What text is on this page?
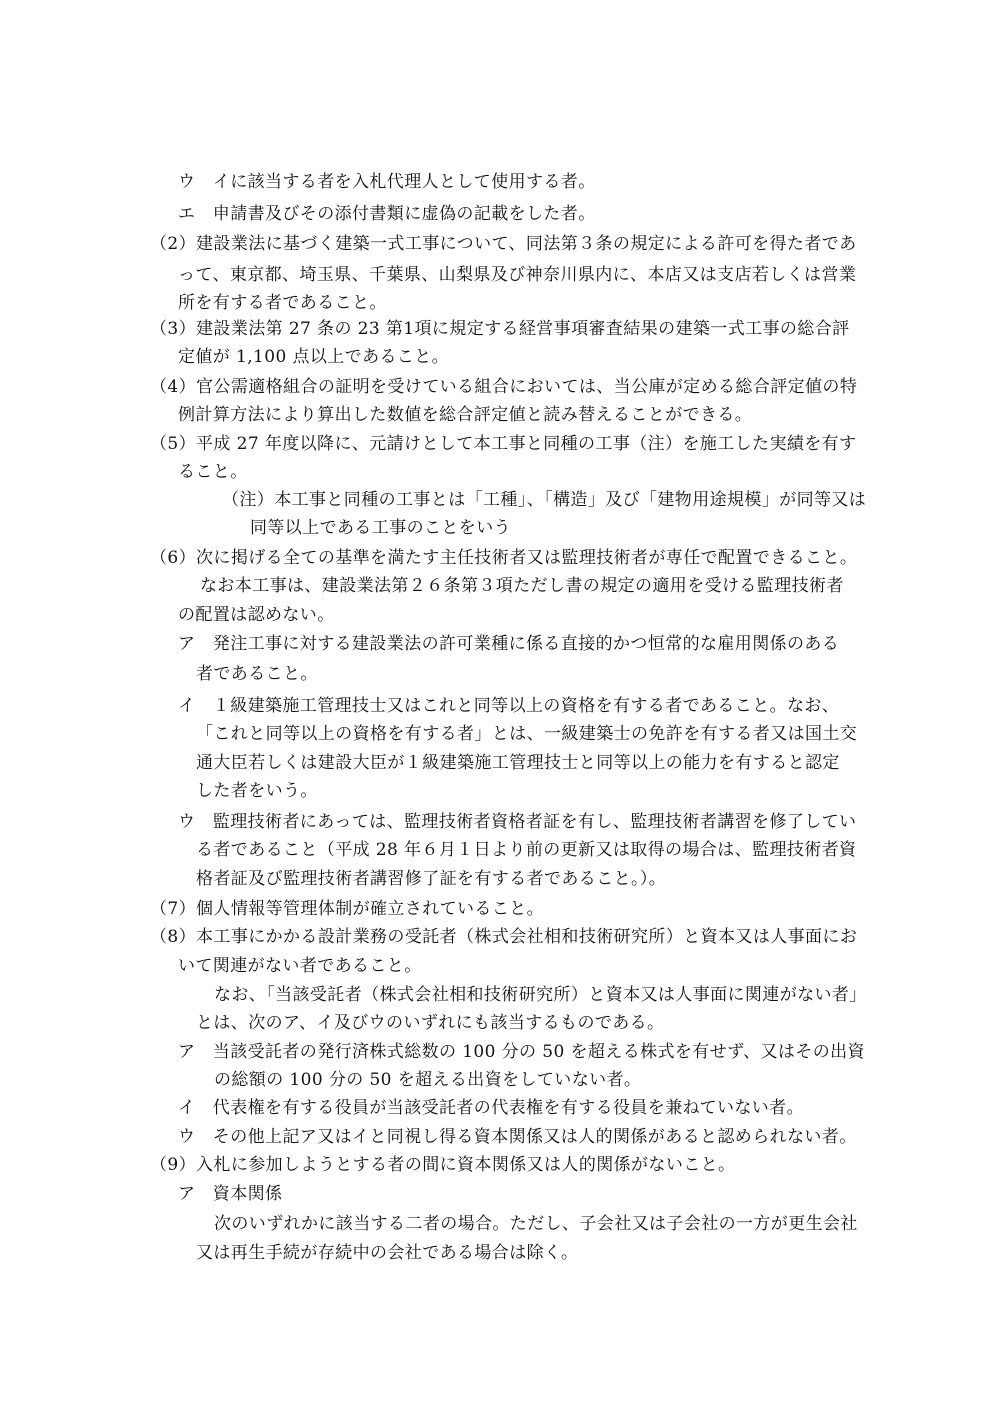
ウ　イに該当する者を入札代理人として使用する者。
エ　申請書及びその添付書類に虚偽の記載をした者。
（2）建設業法に基づく建築一式工事について、同法第３条の規定による許可を得た者であ
って、東京都、埼玉県、千葉県、山梨県及び神奈川県内に、本店又は支店若しくは営業
所を有する者であること。
（3）建設業法第 27 条の 23 第1項に規定する経営事項審査結果の建築一式工事の総合評
定値が 1,100 点以上であること。
（4）官公需適格組合の証明を受けている組合においては、当公庫が定める総合評定値の特
例計算方法により算出した数値を総合評定値と読み替えることができる。
（5）平成 27 年度以降に、元請けとして本工事と同種の工事（注）を施工した実績を有す
ること。
（注）本工事と同種の工事とは「工種」、「構造」及び「建物用途規模」が同等又は
同等以上である工事のことをいう
（6）次に掲げる全ての基準を満たす主任技術者又は監理技術者が専任で配置できること。
なお本工事は、建設業法第２６条第３項ただし書の規定の適用を受ける監理技術者
の配置は認めない。
ア　発注工事に対する建設業法の許可業種に係る直接的かつ恒常的な雇用関係のある
者であること。
イ　１級建築施工管理技士又はこれと同等以上の資格を有する者であること。なお、
「これと同等以上の資格を有する者」とは、一級建築士の免許を有する者又は国土交
通大臣若しくは建設大臣が１級建築施工管理技士と同等以上の能力を有すると認定
した者をいう。
ウ　監理技術者にあっては、監理技術者資格者証を有し、監理技術者講習を修了してい
る者であること（平成 28 年６月１日より前の更新又は取得の場合は、監理技術者資
格者証及び監理技術者講習修了証を有する者であること。）。
（7）個人情報等管理体制が確立されていること。
（8）本工事にかかる設計業務の受託者（株式会社相和技術研究所）と資本又は人事面にお
いて関連がない者であること。
なお、「当該受託者（株式会社相和技術研究所）と資本又は人事面に関連がない者」
とは、次のア、イ及びウのいずれにも該当するものである。
ア　当該受託者の発行済株式総数の 100 分の 50 を超える株式を有せず、又はその出資
の総額の 100 分の 50 を超える出資をしていない者。
イ　代表権を有する役員が当該受託者の代表権を有する役員を兼ねていない者。
ウ　その他上記ア又はイと同視し得る資本関係又は人的関係があると認められない者。
（9）入札に参加しようとする者の間に資本関係又は人的関係がないこと。
ア　資本関係
次のいずれかに該当する二者の場合。ただし、子会社又は子会社の一方が更生会社
又は再生手続が存続中の会社である場合は除く。
